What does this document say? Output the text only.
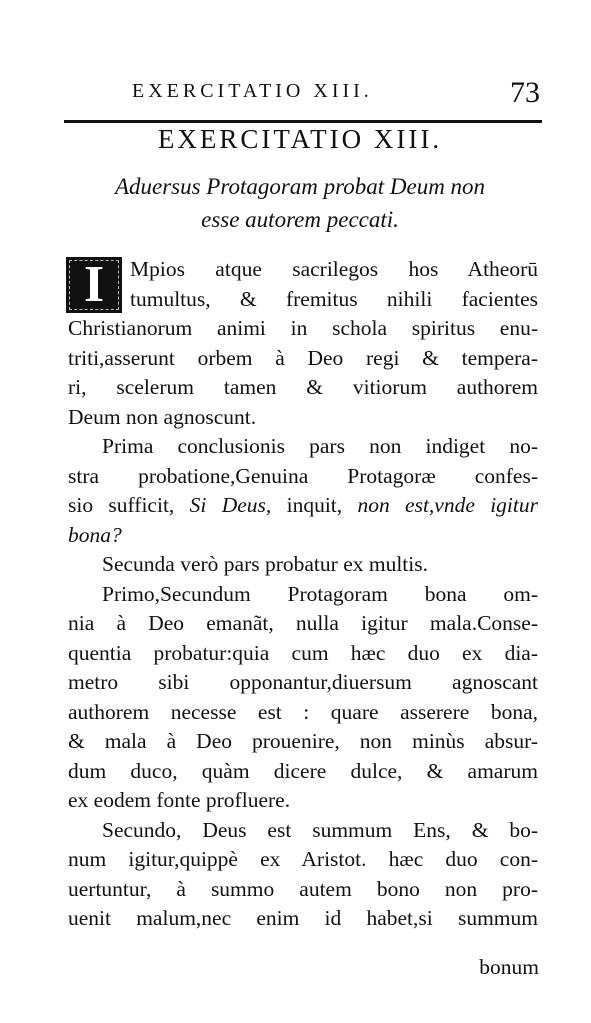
EXERCITATIO XIII.	73
EXERCITATIO XIII.
Aduersus Protagoram probat Deum non
esse autorem peccati.
I	Mpios atque sacrilegos hos Atheorū
tumultus, & fremitus nihili facientes
Christianorum animi in schola spiritus enu-
triti,asserunt orbem à Deo regi & tempera-
ri, scelerum tamen & vitiorum authorem
Deum non agnoscunt.
Prima conclusionis pars non indiget no-
stra probatione,Genuina Protagoræ confes-
sio sufficit, Si Deus, inquit, non est,vnde igitur
bona?
Secunda verò pars probatur ex multis.
Primo,Secundum Protagoram bona om-
nia à Deo emanãt, nulla igitur mala.Conse-
quentia probatur:quia cum hæc duo ex dia-
metro sibi opponantur,diuersum agnoscant
authorem necesse est : quare asserere bona,
& mala à Deo prouenire, non minùs absur-
dum duco, quàm dicere dulce, & amarum
ex eodem fonte profluere.
Secundo, Deus est summum Ens, & bo-
num igitur,quippè ex Aristot. hæc duo con-
uertuntur, à summo autem bono non pro-
uenit malum,nec enim id habet,si summum
bonum
